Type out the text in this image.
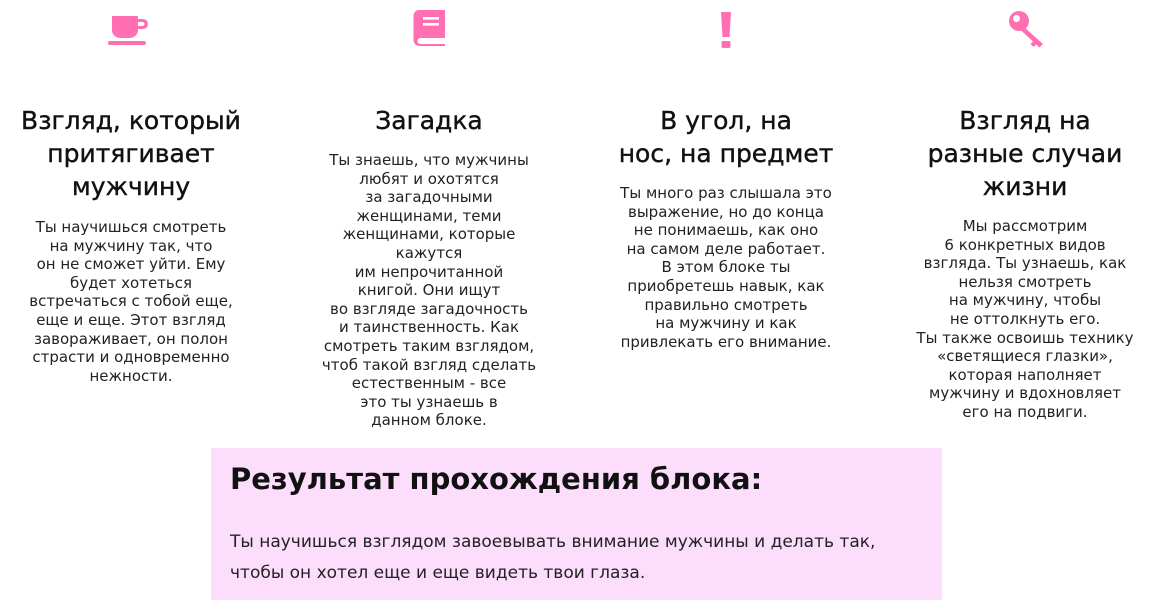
Взгляд, который
притягивает
мужчину

Ты научишься смотреть
на мужчину так, что
он не сможет уйти. Ему
будет хотеться
встречаться с тобой еще,
еще и еще. Этот взгляд
завораживает, он полон
страсти и одновременно
нежности.

Загадка

Ты знаешь, что мужчины
любят и охотятся
за загадочными
женщинами, теми
женщинами, которые
кажутся
им непрочитанной
книгой. Они ищут
во взгляде загадочность
и таинственность. Как
смотреть таким взглядом,
чтоб такой взгляд сделать
естественным - все
это ты узнаешь в
данном блоке.

В угол, на
нос, на предмет

Ты много раз слышала это
выражение, но до конца
не понимаешь, как оно
на самом деле работает.
В этом блоке ты
приобретешь навык, как
правильно смотреть
на мужчину и как
привлекать его внимание.

Взгляд на
разные случаи
жизни

Мы рассмотрим
6 конкретных видов
взгляда. Ты узнаешь, как
нельзя смотреть
на мужчину, чтобы
не оттолкнуть его.
Ты также освоишь технику
«светящиеся глазки»,
которая наполняет
мужчину и вдохновляет
его на подвиги.

Результат прохождения блока:

Ты научишься взглядом завоевывать внимание мужчины и делать так,
чтобы он хотел еще и еще видеть твои глаза.
